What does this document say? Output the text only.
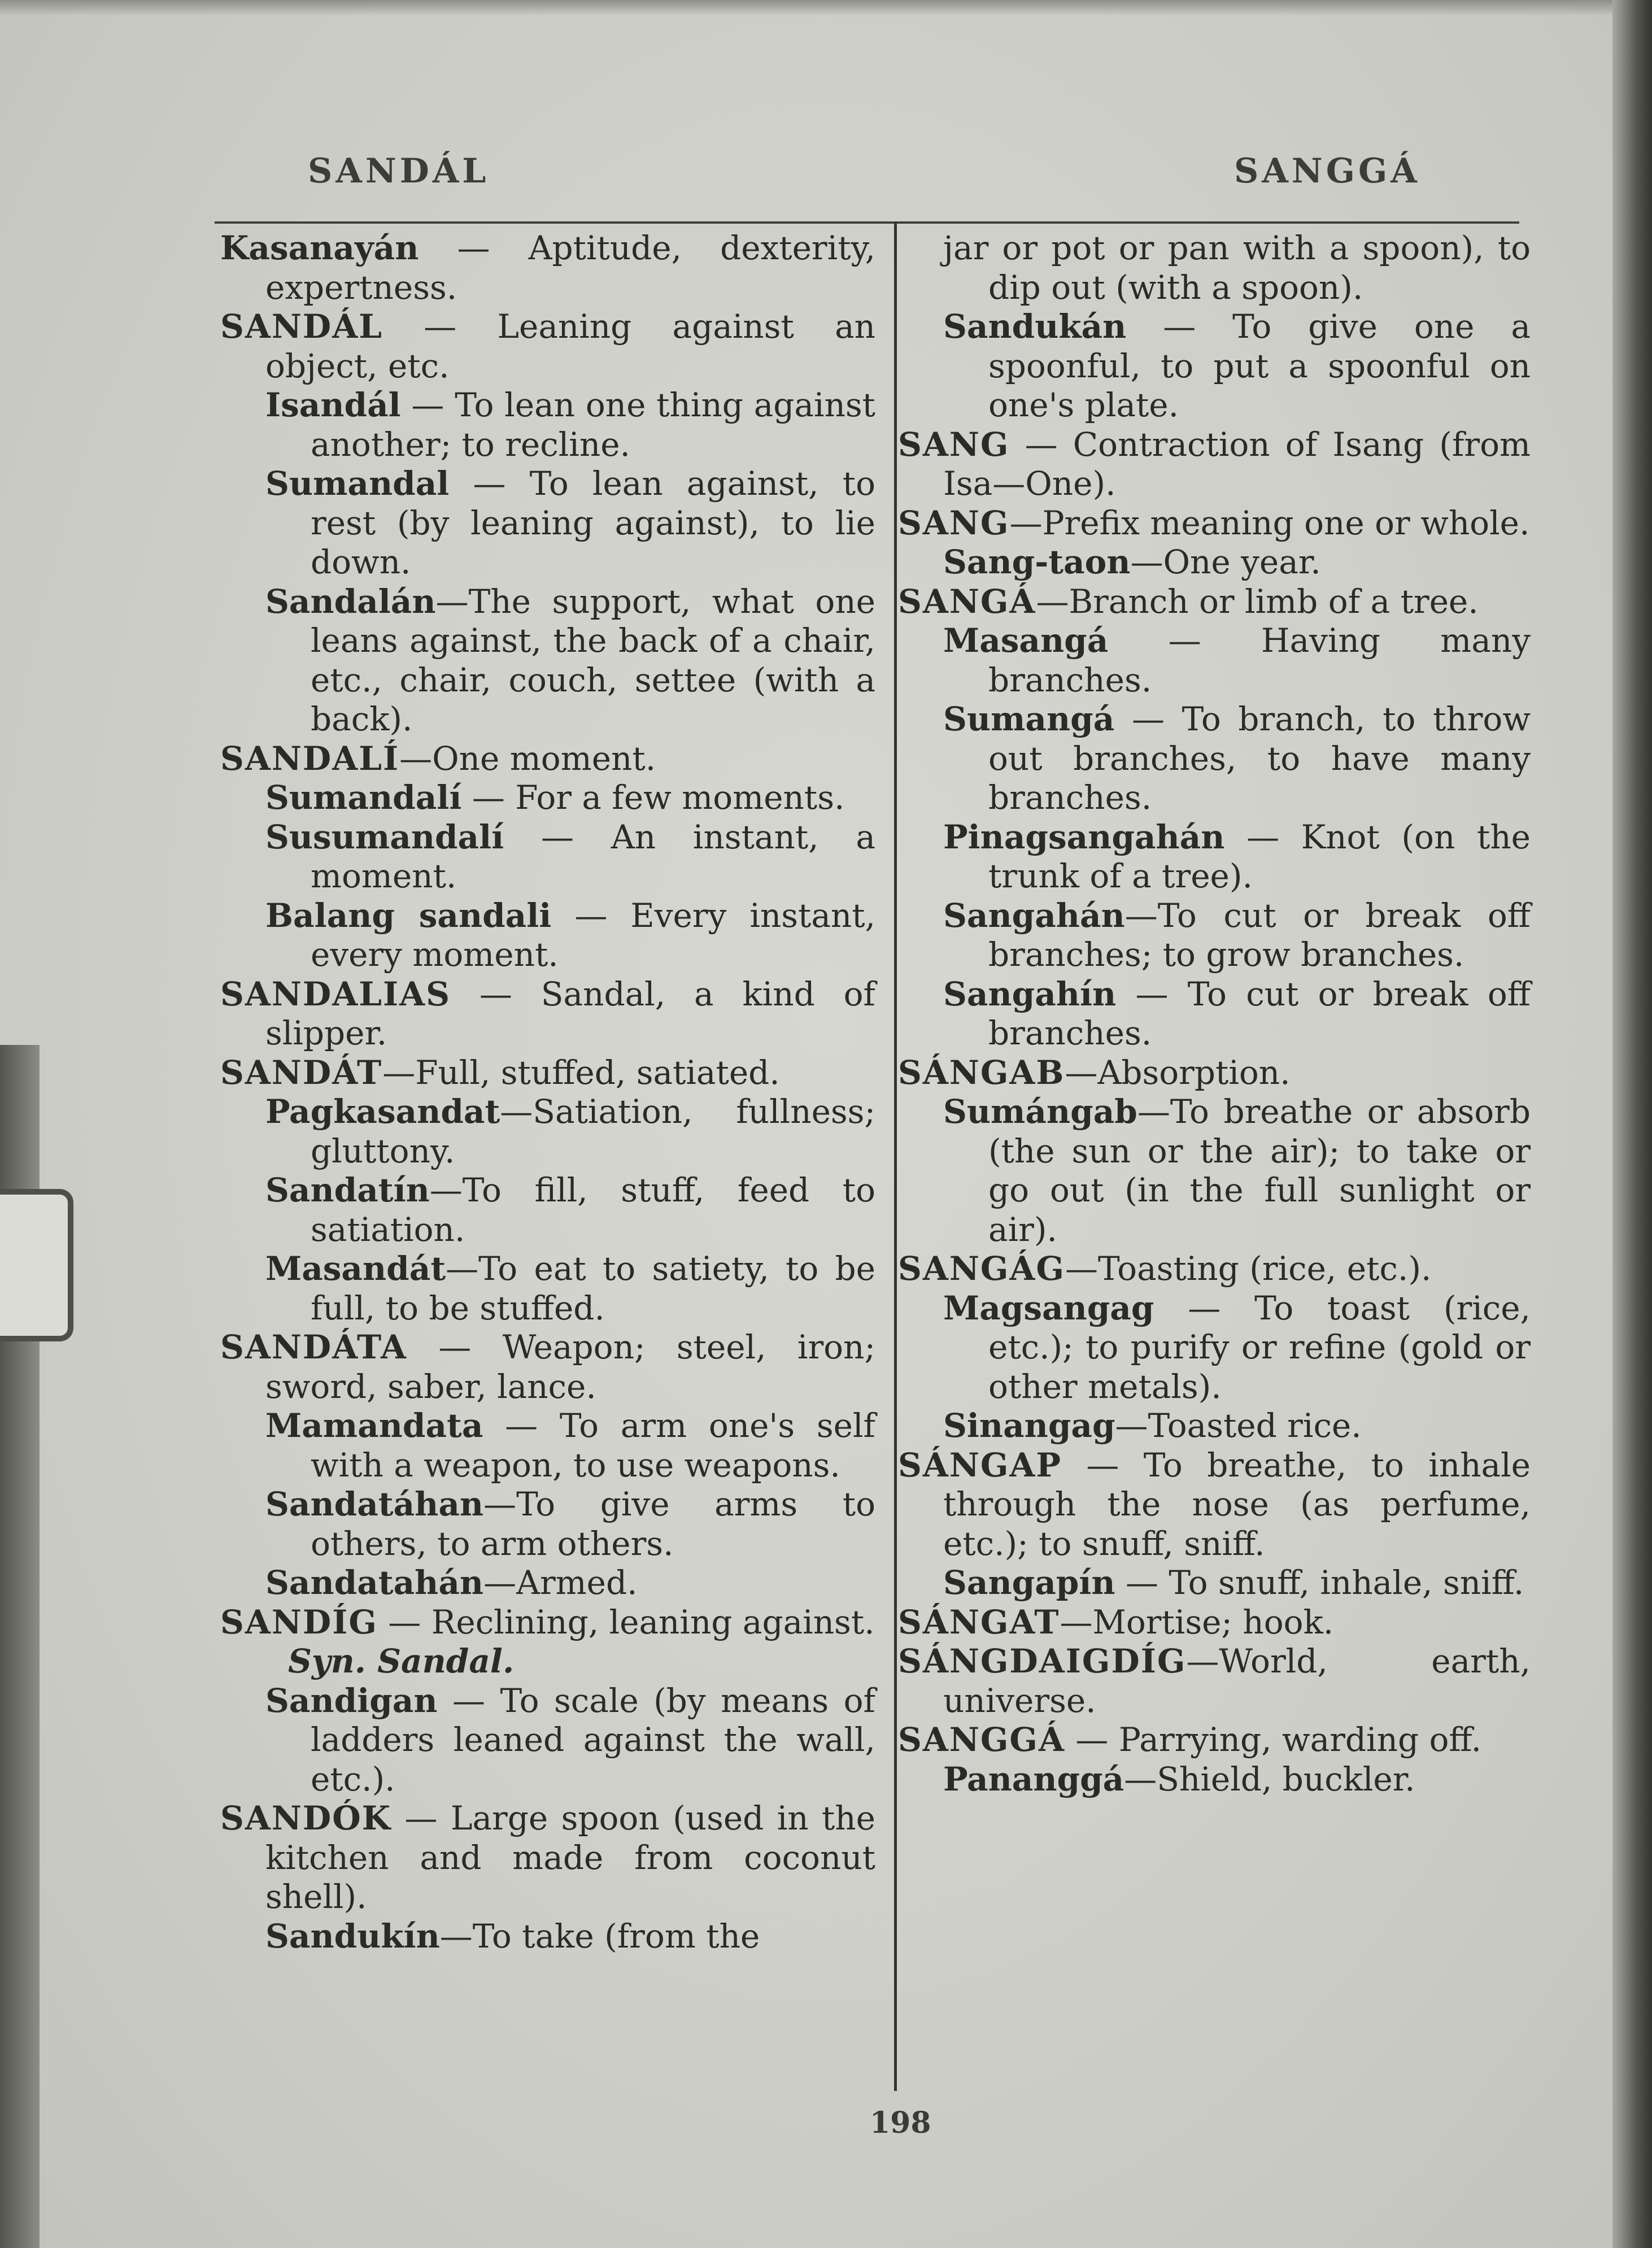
SANDÁL	SANGGÁ
Kasanayán — Aptitude, dexterity, expertness.
SANDÁL — Leaning against an object, etc.
Isandál — To lean one thing against another; to recline.
Sumandal — To lean against, to rest (by leaning against), to lie down.
Sandalán—The support, what one leans against, the back of a chair, etc., chair, couch, settee (with a back).
SANDALÍ—One moment.
Sumandalí — For a few moments.
Susumandalí — An instant, a moment.
Balang sandali — Every instant, every moment.
SANDALIAS — Sandal, a kind of slipper.
SANDÁT—Full, stuffed, satiated.
Pagkasandat—Satiation, fullness; gluttony.
Sandatín—To fill, stuff, feed to satiation.
Masandát—To eat to satiety, to be full, to be stuffed.
SANDÁTA — Weapon; steel, iron; sword, saber, lance.
Mamandata — To arm one's self with a weapon, to use weapons.
Sandatáhan—To give arms to others, to arm others.
Sandatahán—Armed.
SANDÍG — Reclining, leaning against.
Syn. Sandal.
Sandigan — To scale (by means of ladders leaned against the wall, etc.).
SANDÓK — Large spoon (used in the kitchen and made from coconut shell).
Sandukín—To take (from the
jar or pot or pan with a spoon), to dip out (with a spoon).
Sandukán — To give one a spoonful, to put a spoonful on one's plate.
SANG — Contraction of Isang (from Isa—One).
SANG—Prefix meaning one or whole.
Sang-taon—One year.
SANGÁ—Branch or limb of a tree.
Masangá — Having many branches.
Sumangá — To branch, to throw out branches, to have many branches.
Pinagsangahán — Knot (on the trunk of a tree).
Sangahán—To cut or break off branches; to grow branches.
Sangahín — To cut or break off branches.
SÁNGAB—Absorption.
Sumángab—To breathe or absorb (the sun or the air); to take or go out (in the full sunlight or air).
SANGÁG—Toasting (rice, etc.).
Magsangag — To toast (rice, etc.); to purify or refine (gold or other metals).
Sinangag—Toasted rice.
SÁNGAP — To breathe, to inhale through the nose (as perfume, etc.); to snuff, sniff.
Sangapín — To snuff, inhale, sniff.
SÁNGAT—Mortise; hook.
SÁNGDAIGDÍG—World, earth, universe.
SANGGÁ — Parrying, warding off.
Pananggá—Shield, buckler.
198
